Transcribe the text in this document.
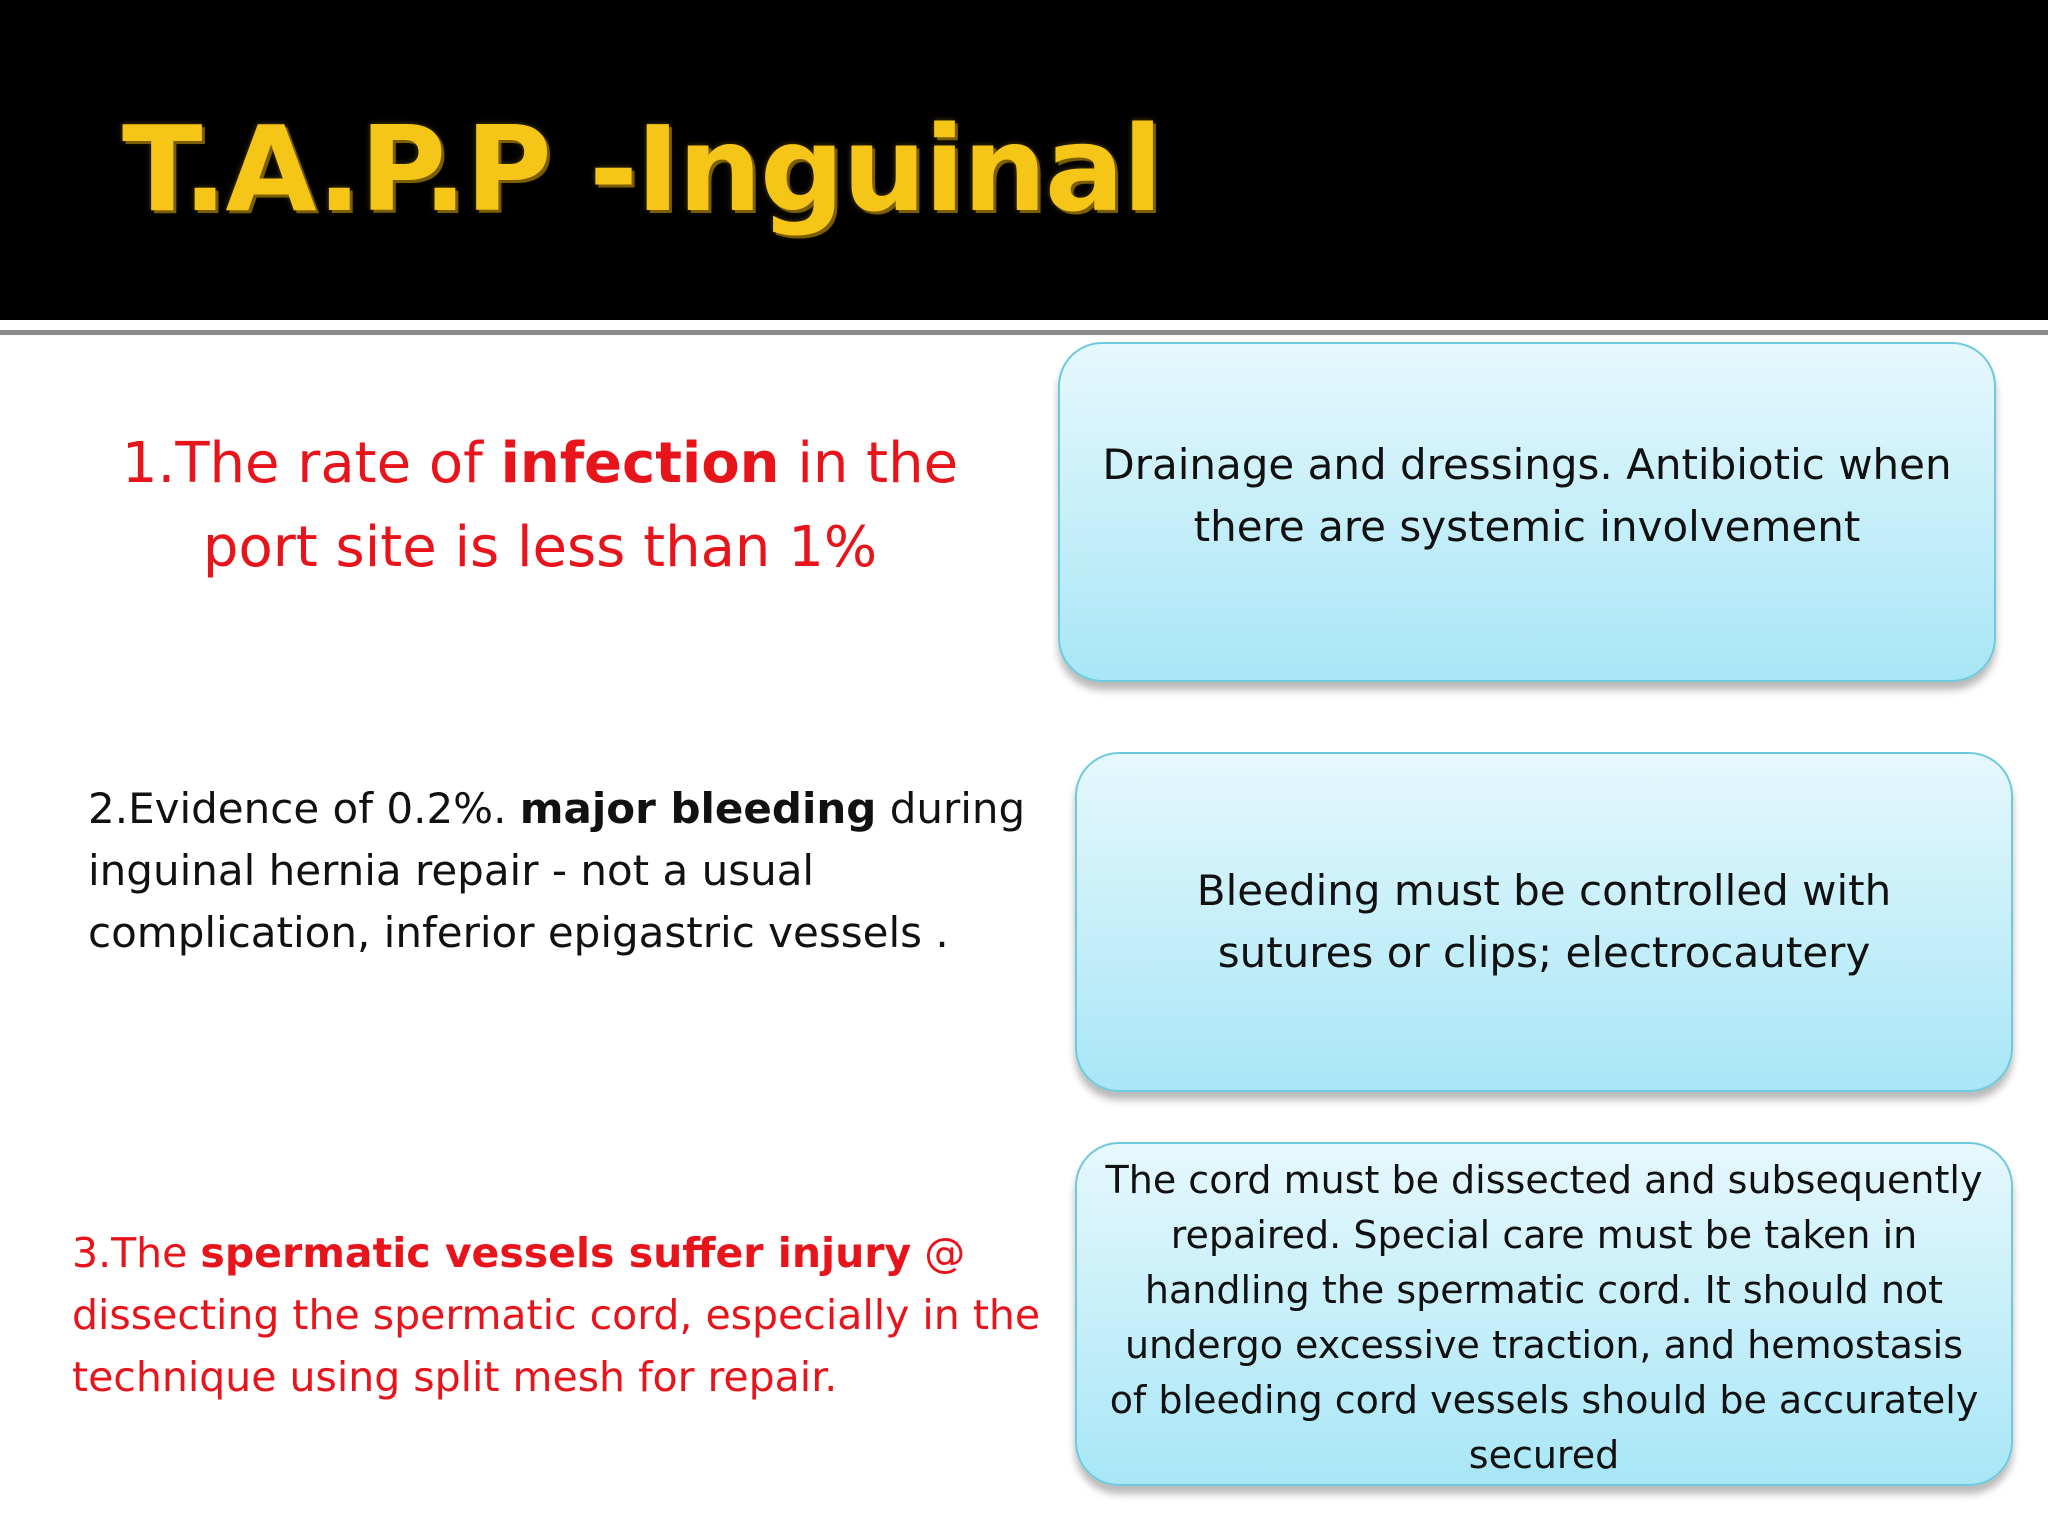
T.A.P.P -Inguinal
1.The rate of infection in the port site is less than 1%
Drainage and dressings. Antibiotic when there are systemic involvement
2.Evidence of 0.2%. major bleeding during inguinal hernia repair - not a usual complication, inferior epigastric vessels .
Bleeding must be controlled with sutures or clips; electrocautery
3.The spermatic vessels suffer injury @ dissecting the spermatic cord, especially in the technique using split mesh for repair.
The cord must be dissected and subsequently repaired. Special care must be taken in handling the spermatic cord. It should not undergo excessive traction, and hemostasis of bleeding cord vessels should be accurately secured
